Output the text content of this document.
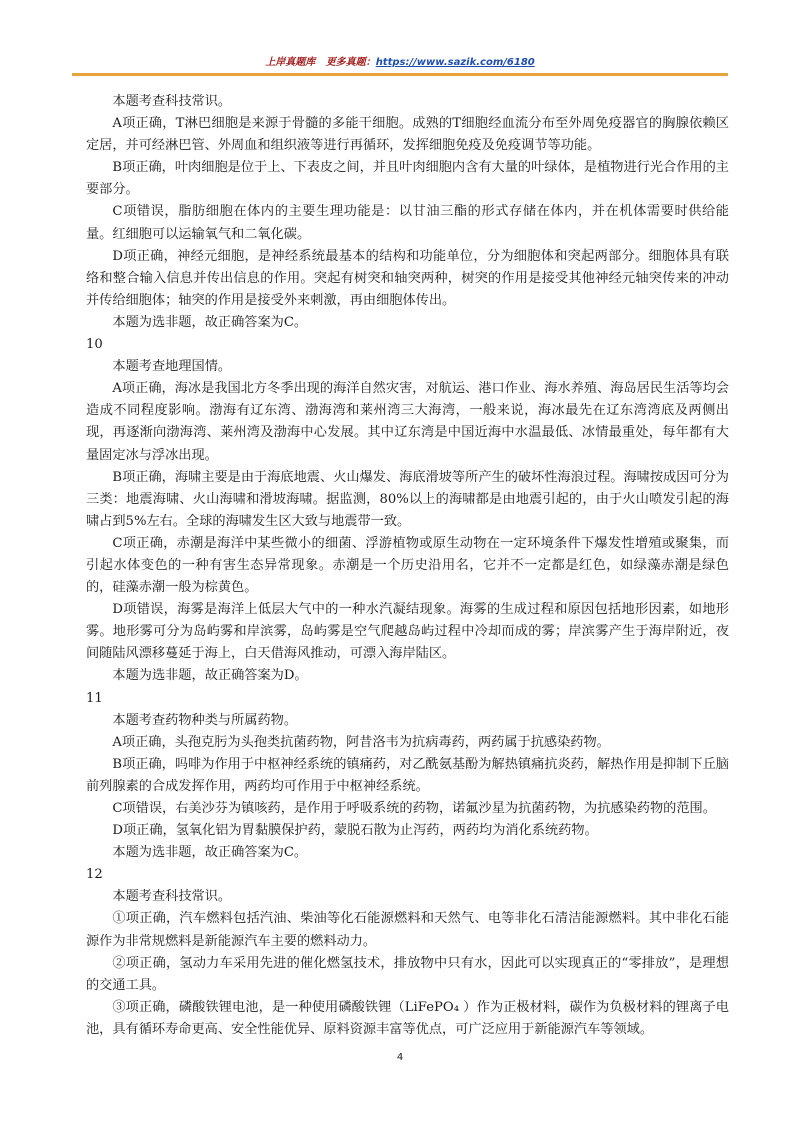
上岸真题库 更多真题：https://www.sazik.com/6180

本题考查科技常识。

A项正确，T淋巴细胞是来源于骨髓的多能干细胞。成熟的T细胞经血流分布至外周免疫器官的胸腺依赖区定居，并可经淋巴管、外周血和组织液等进行再循环，发挥细胞免疫及免疫调节等功能。

B项正确，叶肉细胞是位于上、下表皮之间，并且叶肉细胞内含有大量的叶绿体，是植物进行光合作用的主要部分。

C项错误，脂肪细胞在体内的主要生理功能是：以甘油三酯的形式存储在体内，并在机体需要时供给能量。红细胞可以运输氧气和二氧化碳。

D项正确，神经元细胞，是神经系统最基本的结构和功能单位，分为细胞体和突起两部分。细胞体具有联络和整合输入信息并传出信息的作用。突起有树突和轴突两种，树突的作用是接受其他神经元轴突传来的冲动并传给细胞体；轴突的作用是接受外来刺激，再由细胞体传出。

本题为选非题，故正确答案为C。

10

本题考查地理国情。

A项正确，海冰是我国北方冬季出现的海洋自然灾害，对航运、港口作业、海水养殖、海岛居民生活等均会造成不同程度影响。渤海有辽东湾、渤海湾和莱州湾三大海湾，一般来说，海冰最先在辽东湾湾底及两侧出现，再逐渐向渤海湾、莱州湾及渤海中心发展。其中辽东湾是中国近海中水温最低、冰情最重处，每年都有大量固定冰与浮冰出现。

B项正确，海啸主要是由于海底地震、火山爆发、海底滑坡等所产生的破坏性海浪过程。海啸按成因可分为三类：地震海啸、火山海啸和滑坡海啸。据监测，80%以上的海啸都是由地震引起的，由于火山喷发引起的海啸占到5%左右。全球的海啸发生区大致与地震带一致。

C项正确，赤潮是海洋中某些微小的细菌、浮游植物或原生动物在一定环境条件下爆发性增殖或聚集，而引起水体变色的一种有害生态异常现象。赤潮是一个历史沿用名，它并不一定都是红色，如绿藻赤潮是绿色的，硅藻赤潮一般为棕黄色。

D项错误，海雾是海洋上低层大气中的一种水汽凝结现象。海雾的生成过程和原因包括地形因素，如地形雾。地形雾可分为岛屿雾和岸滨雾，岛屿雾是空气爬越岛屿过程中冷却而成的雾；岸滨雾产生于海岸附近，夜间随陆风漂移蔓延于海上，白天借海风推动，可漂入海岸陆区。

本题为选非题，故正确答案为D。

11

本题考查药物种类与所属药物。

A项正确，头孢克肟为头孢类抗菌药物，阿昔洛韦为抗病毒药，两药属于抗感染药物。

B项正确，吗啡为作用于中枢神经系统的镇痛药，对乙酰氨基酚为解热镇痛抗炎药，解热作用是抑制下丘脑前列腺素的合成发挥作用，两药均可作用于中枢神经系统。

C项错误，右美沙芬为镇咳药，是作用于呼吸系统的药物，诺氟沙星为抗菌药物，为抗感染药物的范围。

D项正确，氢氧化铝为胃黏膜保护药，蒙脱石散为止泻药，两药均为消化系统药物。

本题为选非题，故正确答案为C。

12

本题考查科技常识。

①项正确，汽车燃料包括汽油、柴油等化石能源燃料和天然气、电等非化石清洁能源燃料。其中非化石能源作为非常规燃料是新能源汽车主要的燃料动力。

②项正确，氢动力车采用先进的催化燃氢技术，排放物中只有水，因此可以实现真正的“零排放”，是理想的交通工具。

③项正确，磷酸铁锂电池，是一种使用磷酸铁锂（LiFePO₄ ）作为正极材料，碳作为负极材料的锂离子电池，具有循环寿命更高、安全性能优异、原料资源丰富等优点，可广泛应用于新能源汽车等领域。

4
